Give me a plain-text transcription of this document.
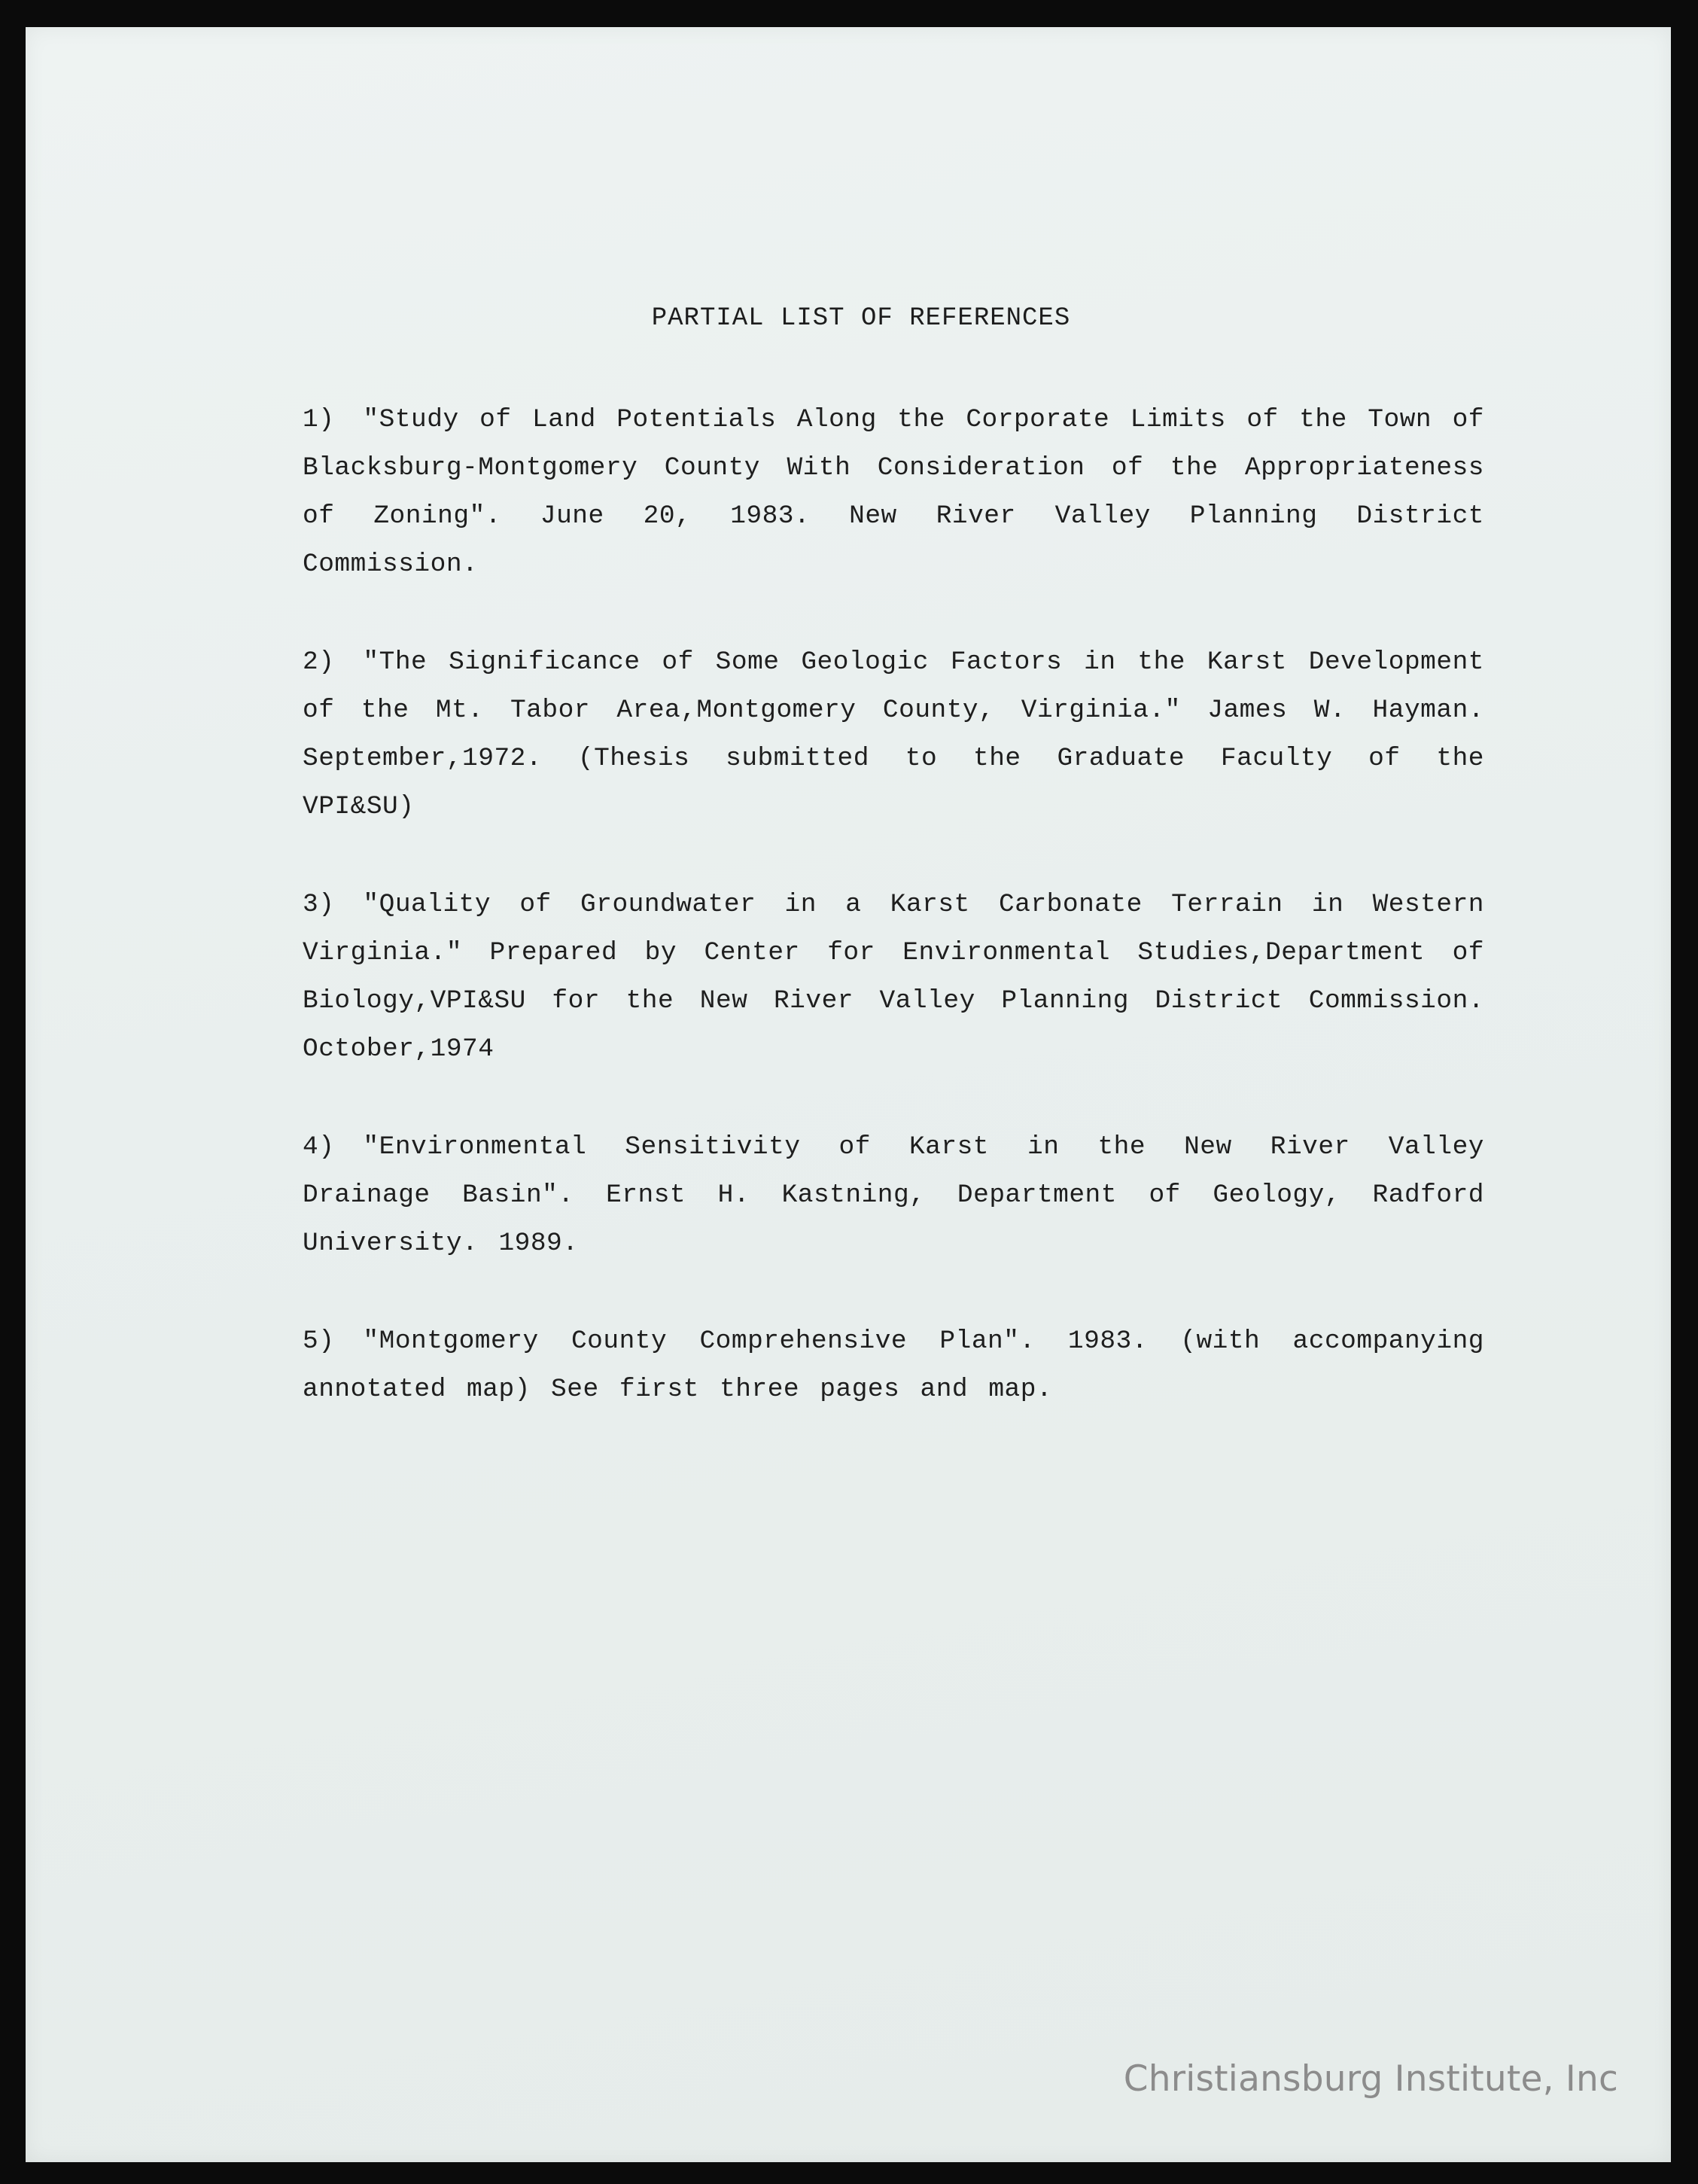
PARTIAL LIST OF REFERENCES

1) "Study of Land Potentials Along the Corporate Limits of the Town of Blacksburg-Montgomery County With Consideration of the Appropriateness of Zoning". June 20, 1983. New River Valley Planning District Commission.

2) "The Significance of Some Geologic Factors in the Karst Development of the Mt. Tabor Area,Montgomery County, Virginia." James W. Hayman. September,1972. (Thesis submitted to the Graduate Faculty of the VPI&SU)

3) "Quality of Groundwater in a Karst Carbonate Terrain in Western Virginia." Prepared by Center for Environmental Studies,Department of Biology,VPI&SU for the New River Valley Planning District Commission. October,1974

4) "Environmental Sensitivity of Karst in the New River Valley Drainage Basin". Ernst H. Kastning, Department of Geology, Radford University. 1989.

5) "Montgomery County Comprehensive Plan". 1983. (with accompanying annotated map) See first three pages and map.

Christiansburg Institute, Inc
